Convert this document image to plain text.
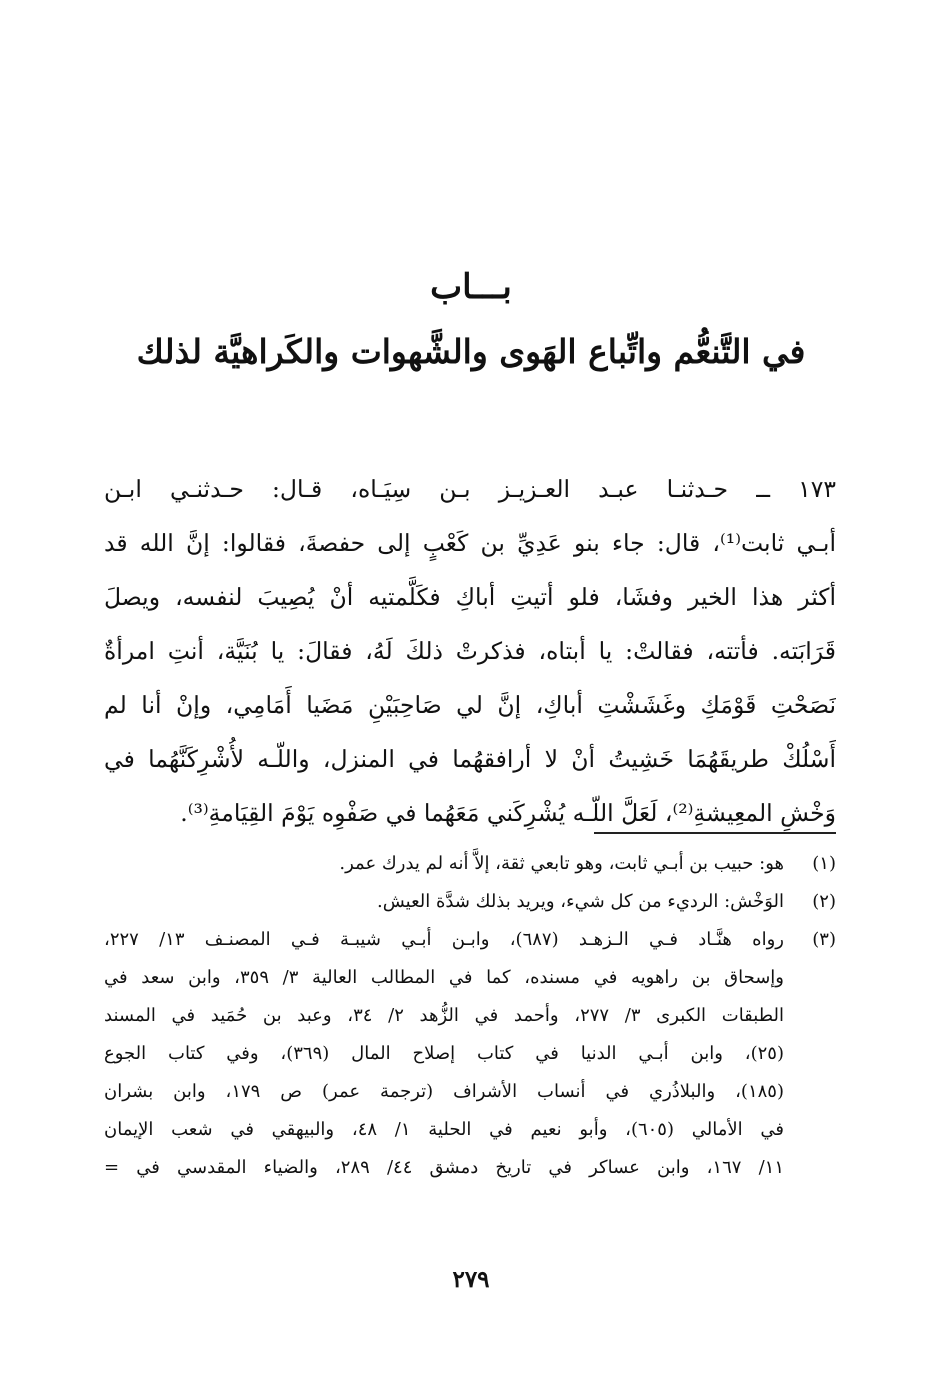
بـــاب
في التَّنعُّم واتِّباع الهَوى والشَّهوات والكَراهيَّة لذلك
١٧٣ ــ حـدثنـا عبـد العـزيـز بـن سِيَـاه، قـال: حـدثنـي ابـن
أبـي ثابت⁽¹⁾، قال: جاء بنو عَدِيِّ بن كَعْبٍ إلى حفصةَ، فقالوا: إنَّ الله قد
أكثر هذا الخير وفشَا، فلو أتيتِ أباكِ فكَلَّمتيه أنْ يُصِيبَ لنفسه، ويصلَ
قَرَابَته. فأتته، فقالتْ: يا أبتاه، فذكرتْ ذلكَ لَهُ، فقالَ: يا بُنَيَّة، أنتِ امرأةٌ
نَصَحْتِ قَوْمَكِ وغَشَشْتِ أباكِ، إنَّ لي صَاحِبَيْنِ مَضَيا أَمَامِي، وإنْ أنا لم
أَسْلُكْ طريقَهُمَا خَشِيتُ أنْ لا أرافقهُما في المنزل، واللّـه لأُشْرِكَنَّهُما في
وَخْشِ المعِيشةِ⁽²⁾، لَعَلَّ اللّـه يُشْرِكَني مَعَهُما في صَفْوِه يَوْمَ القِيَامةِ⁽³⁾.
(١)
هو: حبيب بن أبـي ثابت، وهو تابعي ثقة، إلاَّ أنه لم يدرك عمر.
(٢)
الوَخْش: الرديء من كل شيء، ويريد بذلك شدَّة العيش.
(٣)
رواه هنَّـاد فـي الـزهـد (٦٨٧)، وابـن أبـي شيبـة فـي المصنـف ١٣/ ٢٢٧،
وإسحاق بن راهويه في مسنده، كما في المطالب العالية ٣/ ٣٥٩، وابن سعد في
الطبقات الكبرى ٣/ ٢٧٧، وأحمد في الزُّهد ٢/ ٣٤، وعبد بن حُمَيد في المسند
(٢٥)، وابن أبـي الدنيا في كتاب إصلاح المال (٣٦٩)، وفي كتاب الجوع
(١٨٥)، والبلاذُري في أنساب الأشراف (ترجمة عمر) ص ١٧٩، وابن بشران
في الأمالي (٦٠٥)، وأبو نعيم في الحلية ١/ ٤٨، والبيهقي في شعب الإيمان
١١/ ١٦٧، وابن عساكر في تاريخ دمشق ٤٤/ ٢٨٩، والضياء المقدسي في =
٢٧٩
